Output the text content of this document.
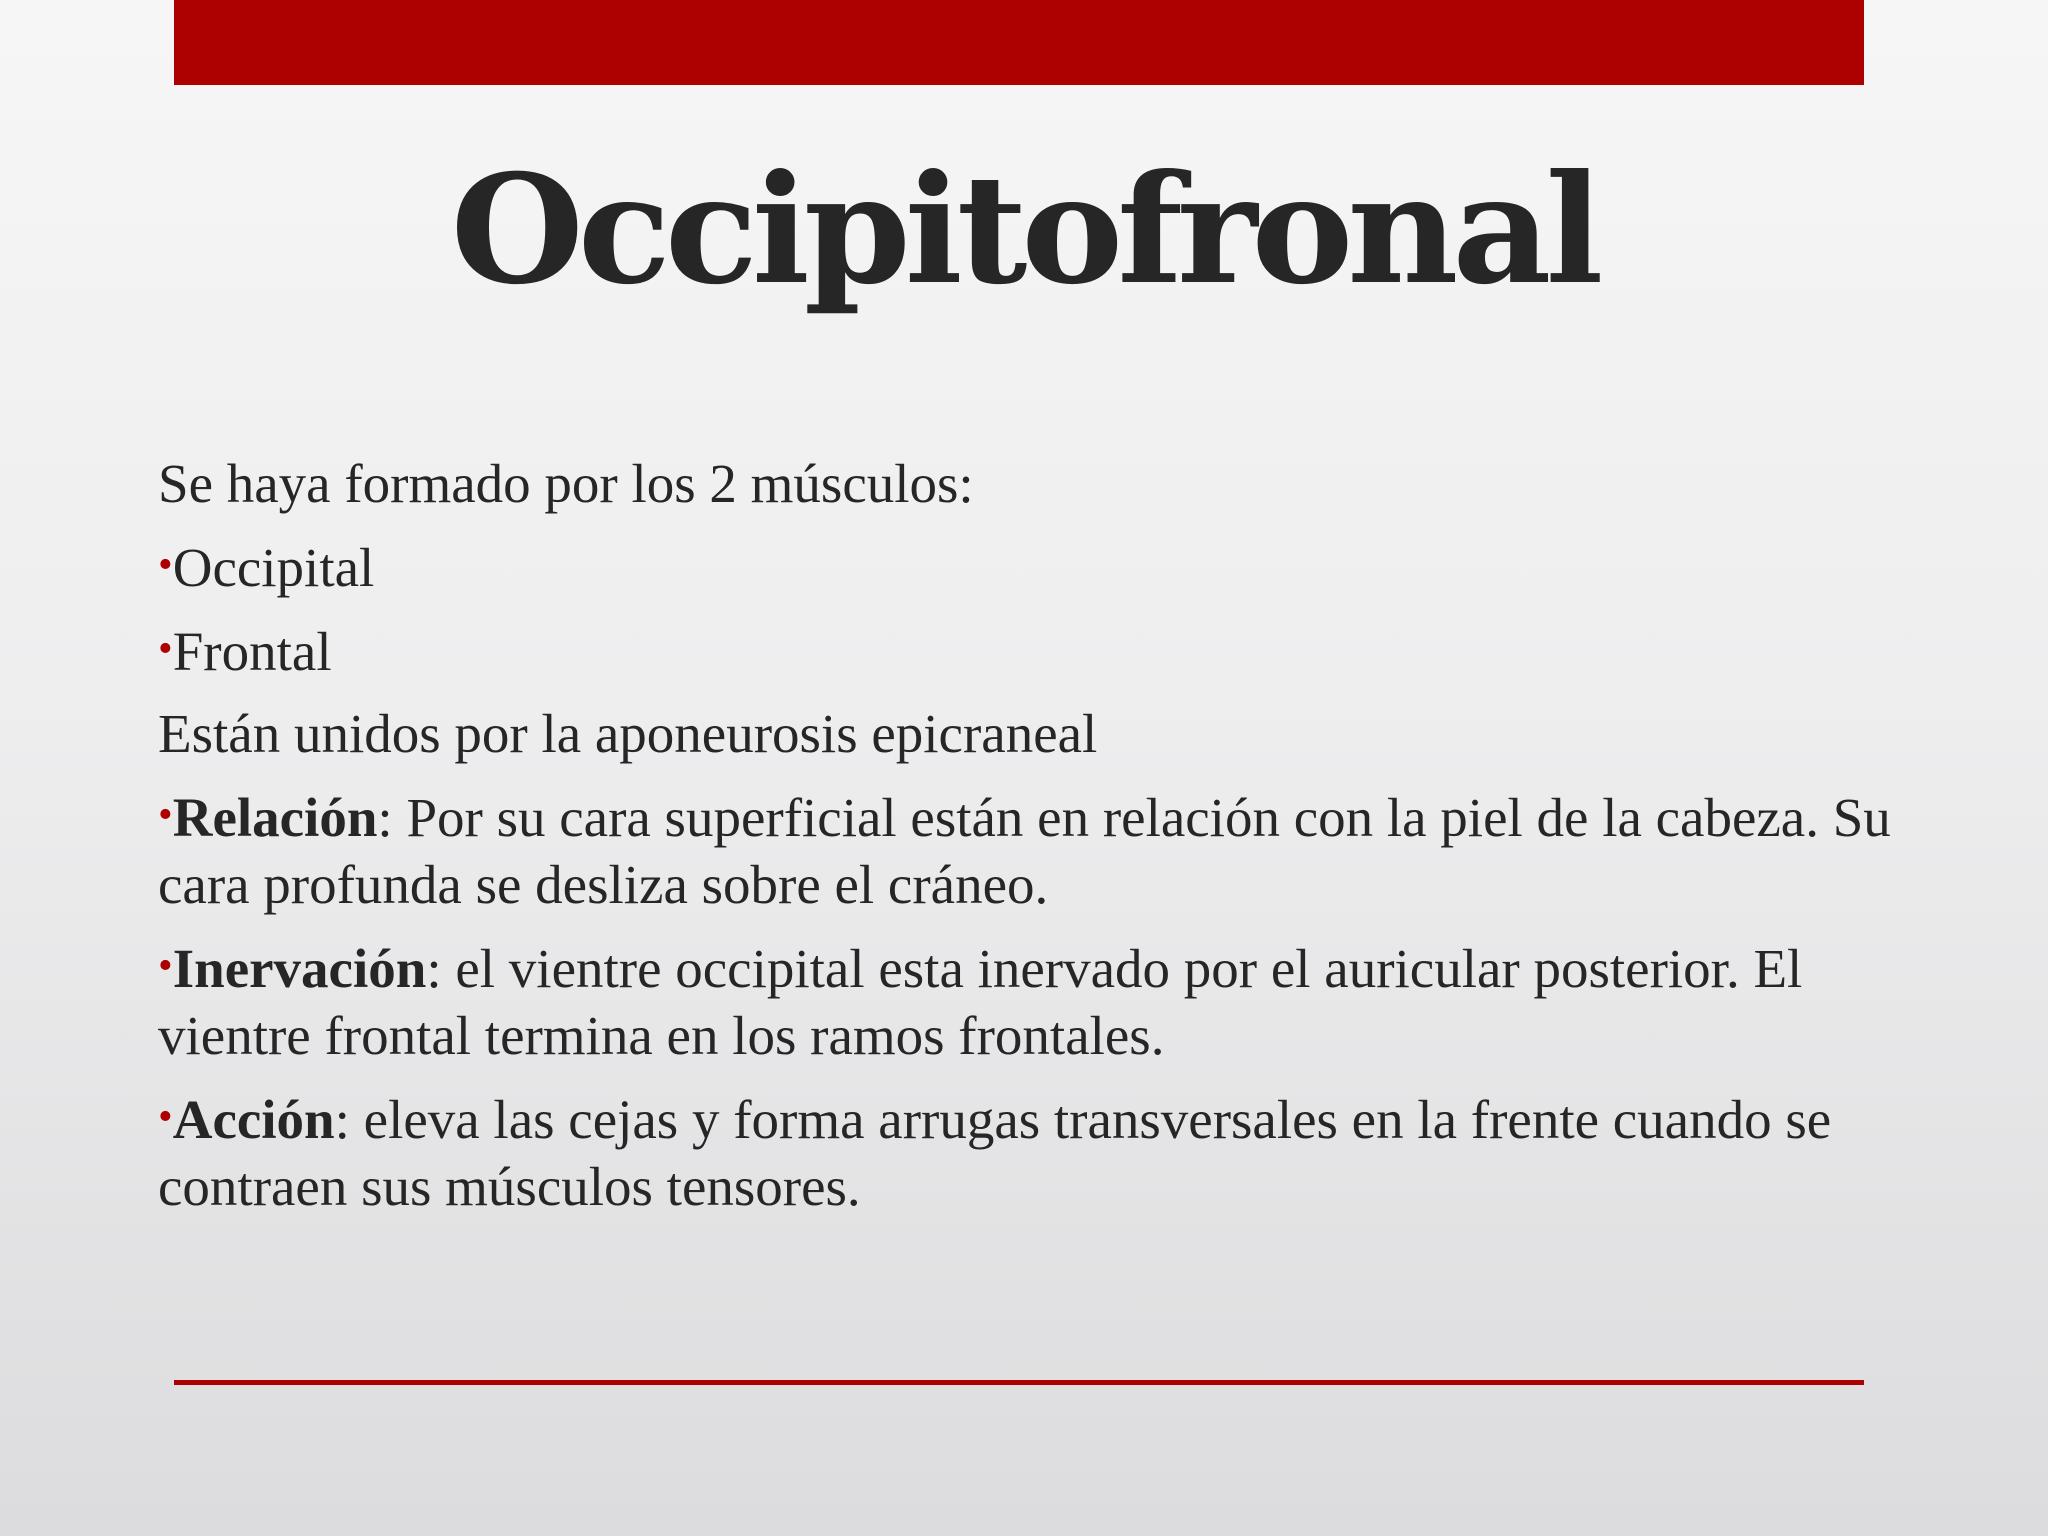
Occipitofronal

Se haya formado por los 2 músculos:

•Occipital

•Frontal

Están unidos por la aponeurosis epicraneal

•Relación: Por su cara superficial están en relación con la piel de la cabeza. Su cara profunda se desliza sobre el cráneo.

•Inervación: el vientre occipital esta inervado por el auricular posterior. El vientre frontal termina en los ramos frontales.

•Acción: eleva las cejas y forma arrugas transversales en la frente cuando se contraen sus músculos tensores.
